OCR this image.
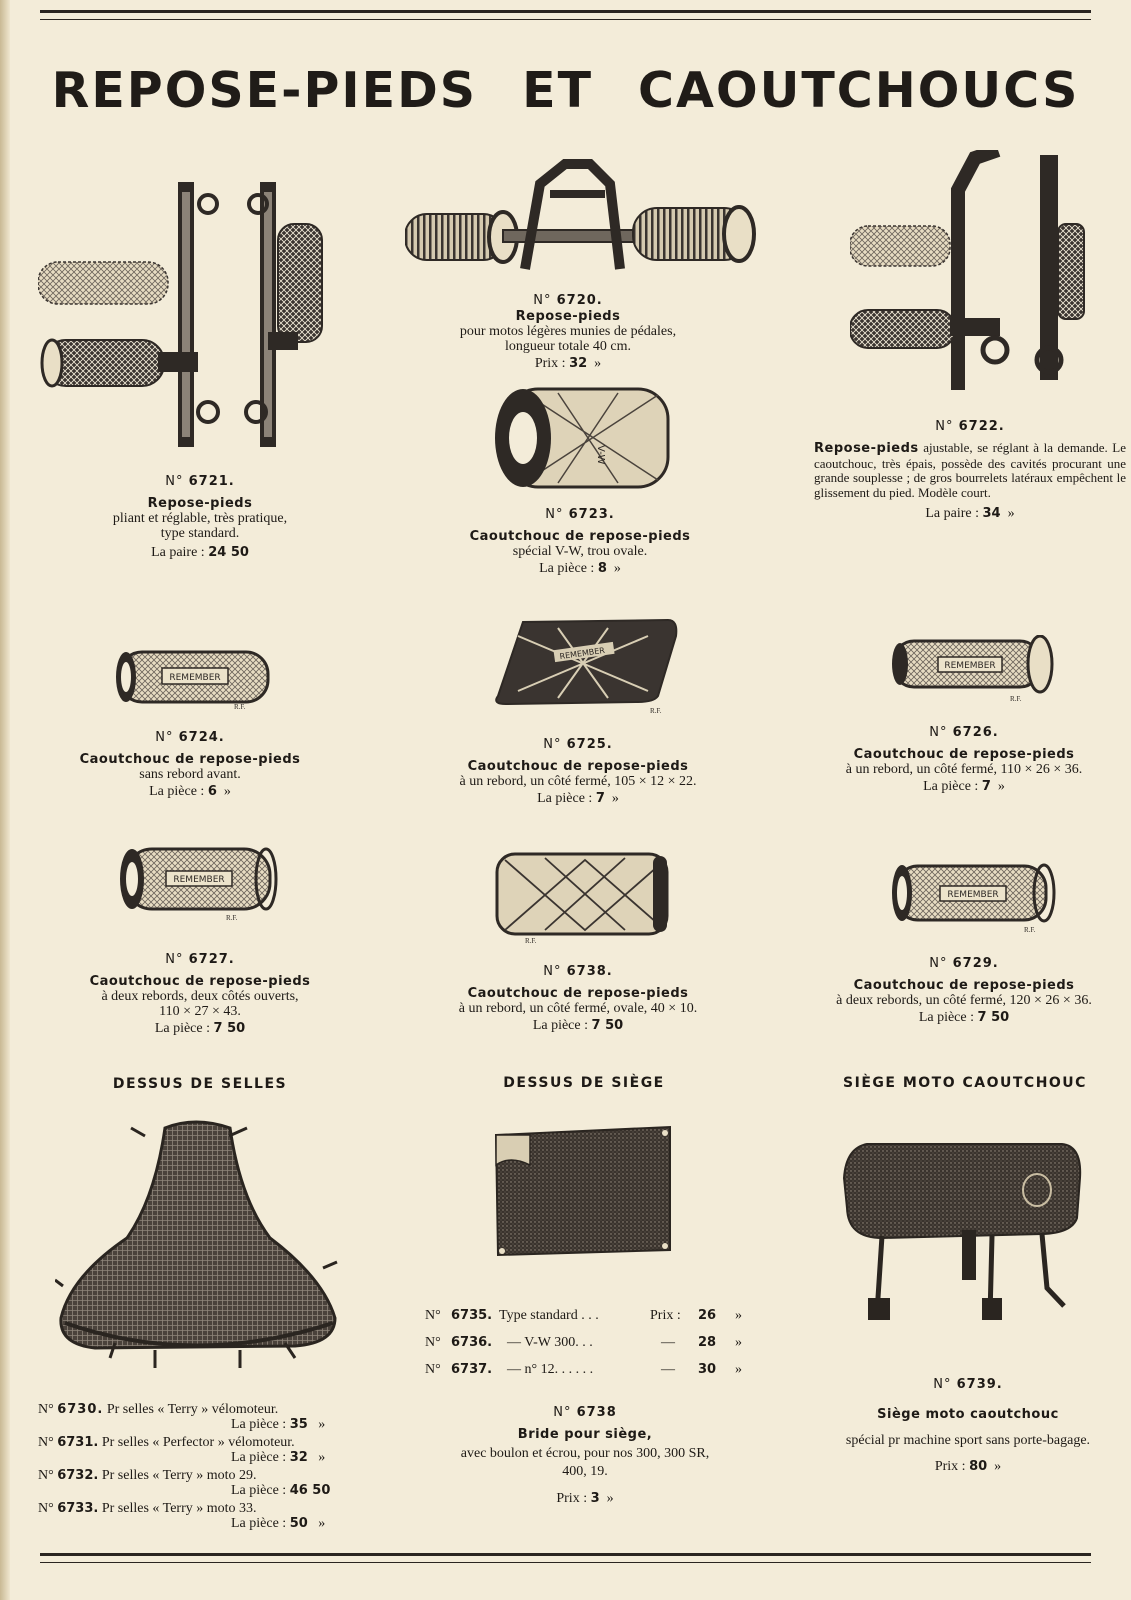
REPOSE-PIEDS ET CAOUTCHOUCS
V-W
REMEMBER
R.F.
REMEMBER
R.F.
REMEMBER
R.F.
REMEMBER
R.F.
R.F.
REMEMBER
R.F.
N° 6720.
Repose-pieds
pour motos légères munies de pédales,
longueur totale 40 cm.
Prix : 32 »
N° 6721.
Repose-pieds
pliant et réglable, très pratique,
type standard.
La paire : 24 50
N° 6722.
Repose-pieds ajustable, se réglant à la demande. Le caoutchouc, très épais, possède des cavités procurant une grande souplesse ; de gros bourrelets latéraux empêchent le glissement du pied. Modèle court.
La paire : 34 »
N° 6723.
Caoutchouc de repose-pieds
spécial V-W, trou ovale.
La pièce : 8 »
N° 6724.
Caoutchouc de repose-pieds
sans rebord avant.
La pièce : 6 »
N° 6725.
Caoutchouc de repose-pieds
à un rebord, un côté fermé, 105 × 12 × 22.
La pièce : 7 »
N° 6726.
Caoutchouc de repose-pieds
à un rebord, un côté fermé, 110 × 26 × 36.
La pièce : 7 »
N° 6727.
Caoutchouc de repose-pieds
à deux rebords, deux côtés ouverts,
110 × 27 × 43.
La pièce : 7 50
N° 6738.
Caoutchouc de repose-pieds
à un rebord, un côté fermé, ovale, 40 × 10.
La pièce : 7 50
N° 6729.
Caoutchouc de repose-pieds
à deux rebords, un côté fermé, 120 × 26 × 36.
La pièce : 7 50
DESSUS DE SELLES	DESSUS DE SIÈGE	SIÈGE MOTO CAOUTCHOUC
N° 6730. Pr selles « Terry » vélomoteur.
La pièce : 35 »
N° 6731. Pr selles « Perfector » vélomoteur.
La pièce : 32 »
N° 6732. Pr selles « Terry » moto 29.
La pièce : 46 50
N° 6733. Pr selles « Terry » moto 33.
La pièce : 50 »
N° 6735. Type standard . . .	Prix : 26 »
N° 6736. — V-W 300. . .	— 28 »
N° 6737. — n° 12. . . . . .	— 30 »
N° 6738
Bride pour siège,
avec boulon et écrou, pour nos 300, 300 SR,
400, 19.
Prix : 3 »
N° 6739.
Siège moto caoutchouc
spécial pr machine sport sans porte-bagage.
Prix : 80 »
